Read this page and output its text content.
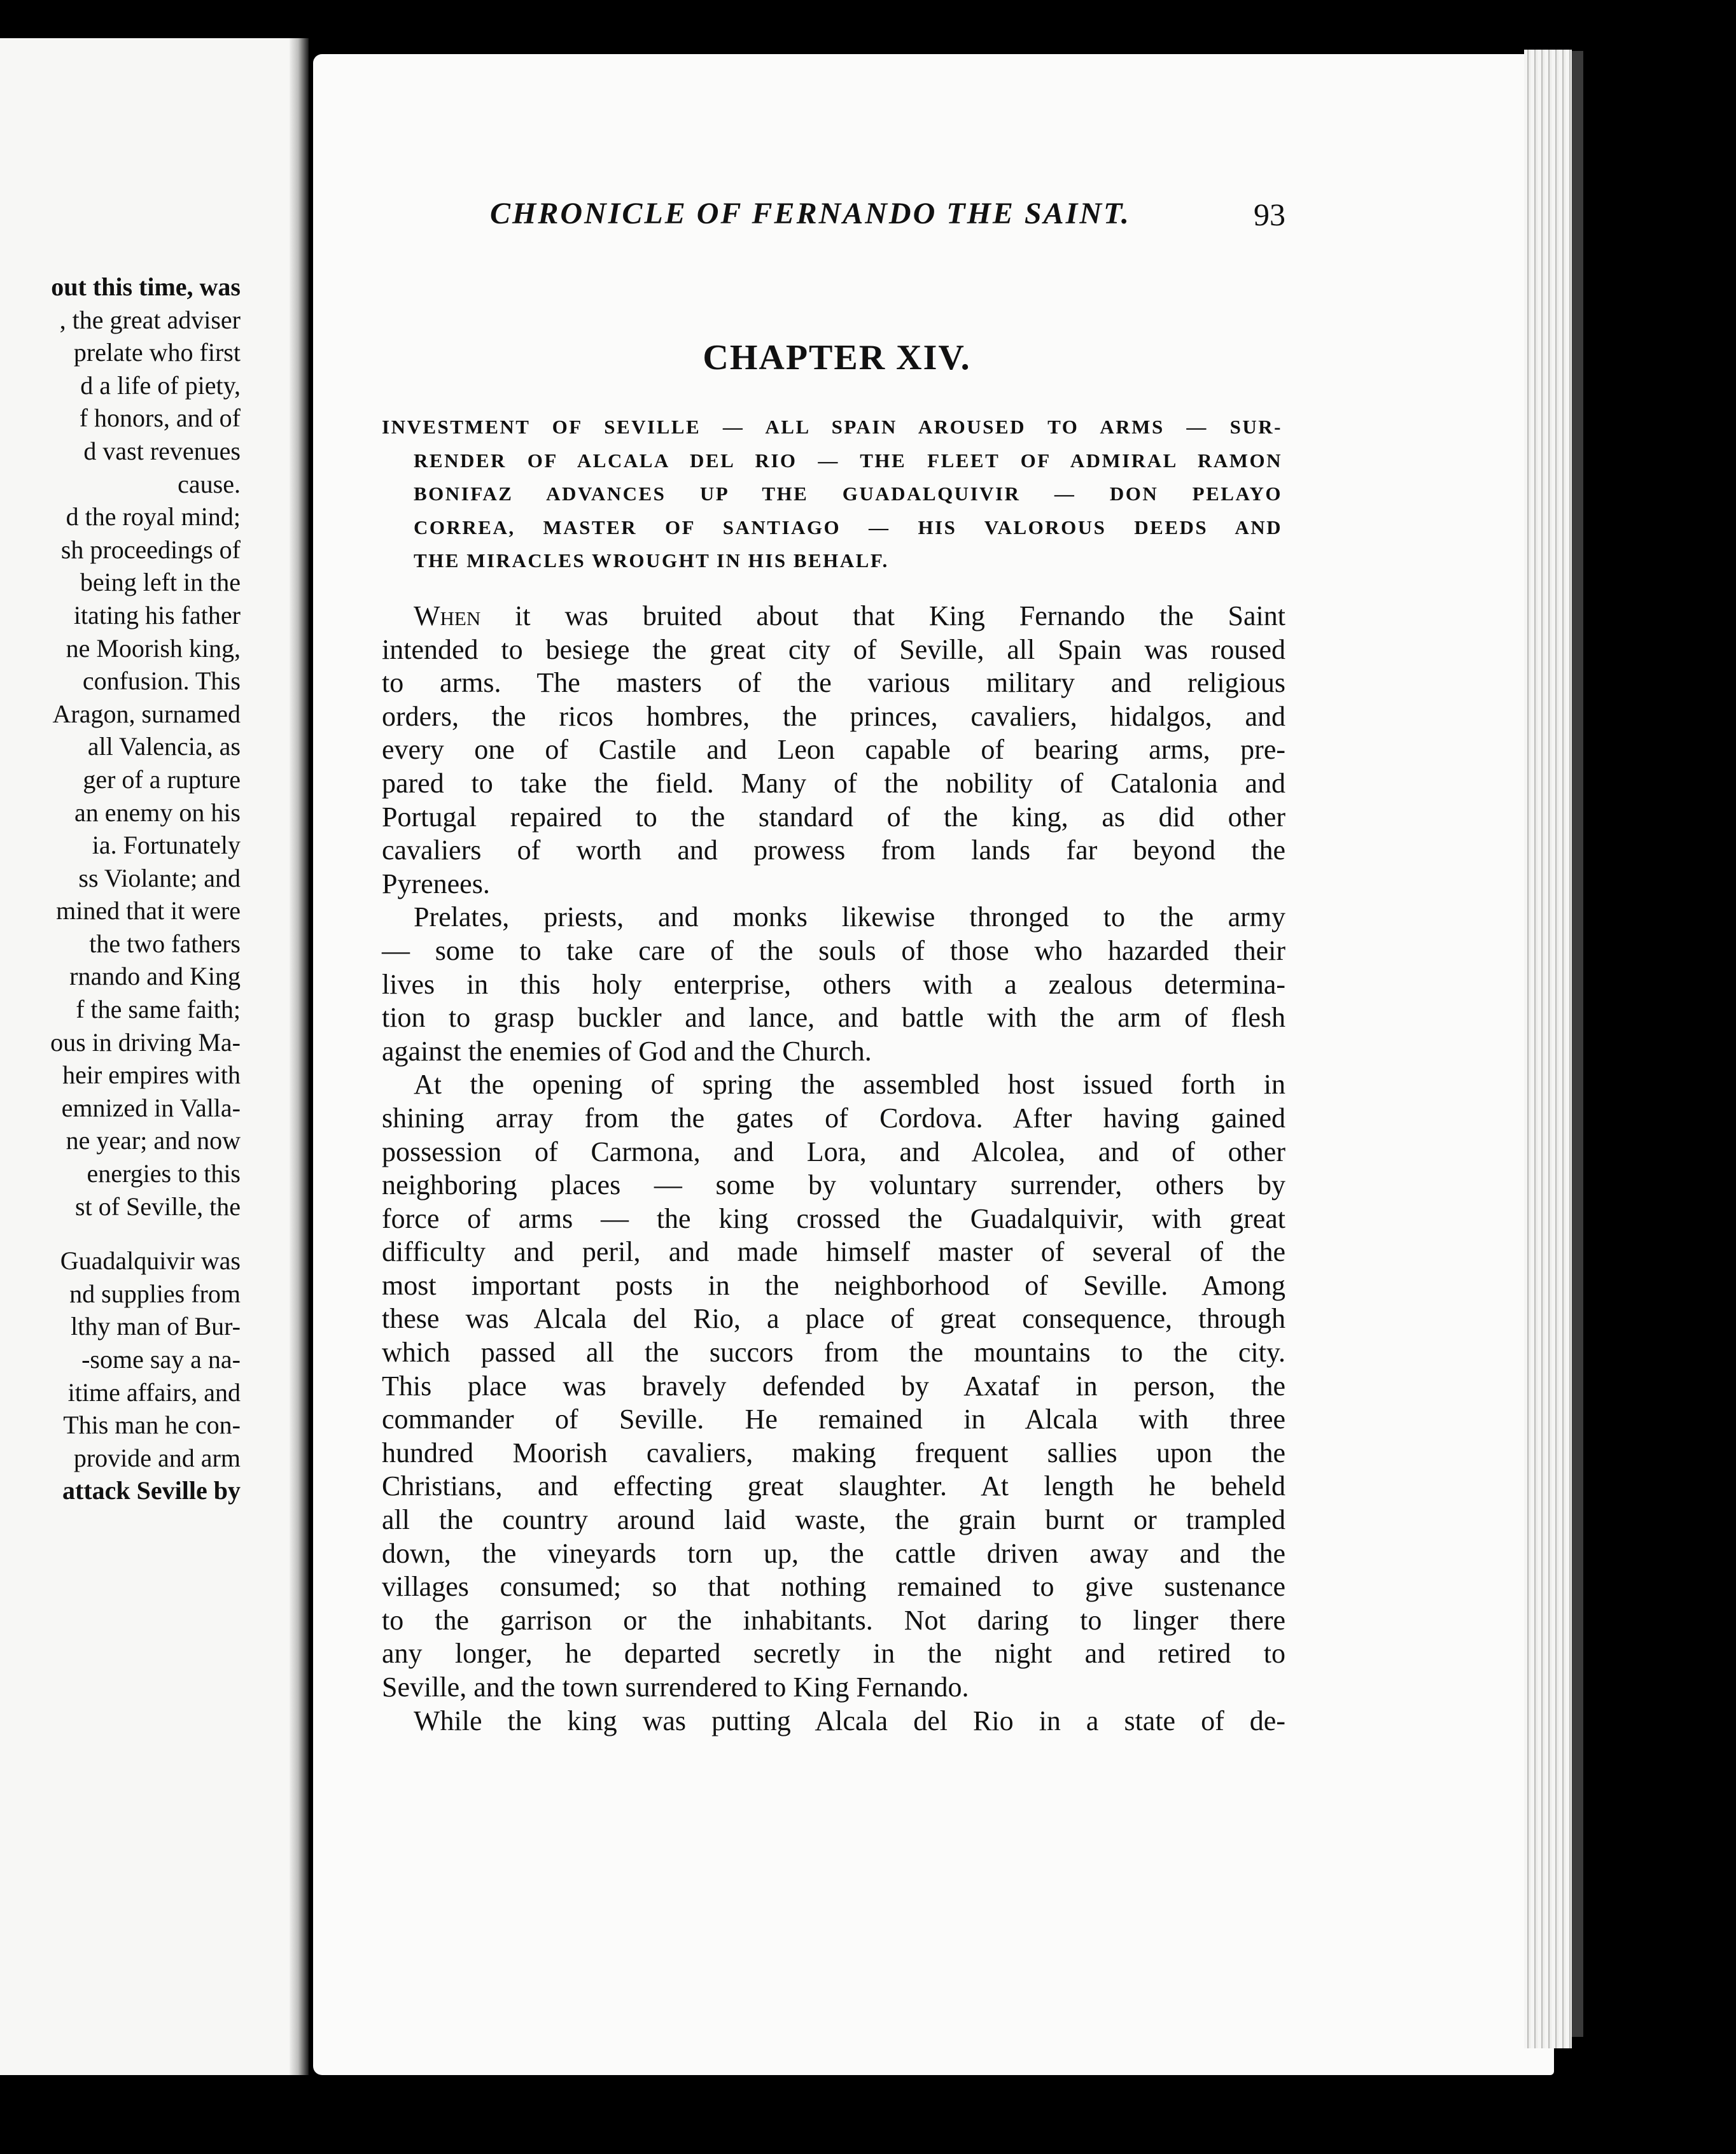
out this time, was
, the great adviser
prelate who first
d a life of piety,
f honors, and of
d vast revenues
cause.
d the royal mind;
sh proceedings of
being left in the
itating his father
ne Moorish king,
confusion. This
Aragon, surnamed
all Valencia, as
ger of a rupture
an enemy on his
ia. Fortunately
ss Violante; and
mined that it were
the two fathers
rnando and King
f the same faith;
ous in driving Ma-
heir empires with
emnized in Valla-
ne year; and now
energies to this
st of Seville, the
Guadalquivir was
nd supplies from
lthy man of Bur-
-some say a na-
itime affairs, and
This man he con-
provide and arm
attack Seville by
CHRONICLE OF FERNANDO THE SAINT.	93
CHAPTER XIV.
INVESTMENT OF SEVILLE — ALL SPAIN AROUSED TO ARMS — SUR-
RENDER OF ALCALA DEL RIO — THE FLEET OF ADMIRAL RAMON
BONIFAZ ADVANCES UP THE GUADALQUIVIR — DON PELAYO
CORREA, MASTER OF SANTIAGO — HIS VALOROUS DEEDS AND
THE MIRACLES WROUGHT IN HIS BEHALF.
When it was bruited about that King Fernando the Saint
intended to besiege the great city of Seville, all Spain was roused
to arms. The masters of the various military and religious
orders, the ricos hombres, the princes, cavaliers, hidalgos, and
every one of Castile and Leon capable of bearing arms, pre-
pared to take the field. Many of the nobility of Catalonia and
Portugal repaired to the standard of the king, as did other
cavaliers of worth and prowess from lands far beyond the
Pyrenees.
Prelates, priests, and monks likewise thronged to the army
— some to take care of the souls of those who hazarded their
lives in this holy enterprise, others with a zealous determina-
tion to grasp buckler and lance, and battle with the arm of flesh
against the enemies of God and the Church.
At the opening of spring the assembled host issued forth in
shining array from the gates of Cordova. After having gained
possession of Carmona, and Lora, and Alcolea, and of other
neighboring places — some by voluntary surrender, others by
force of arms — the king crossed the Guadalquivir, with great
difficulty and peril, and made himself master of several of the
most important posts in the neighborhood of Seville. Among
these was Alcala del Rio, a place of great consequence, through
which passed all the succors from the mountains to the city.
This place was bravely defended by Axataf in person, the
commander of Seville. He remained in Alcala with three
hundred Moorish cavaliers, making frequent sallies upon the
Christians, and effecting great slaughter. At length he beheld
all the country around laid waste, the grain burnt or trampled
down, the vineyards torn up, the cattle driven away and the
villages consumed; so that nothing remained to give sustenance
to the garrison or the inhabitants. Not daring to linger there
any longer, he departed secretly in the night and retired to
Seville, and the town surrendered to King Fernando.
While the king was putting Alcala del Rio in a state of de-
